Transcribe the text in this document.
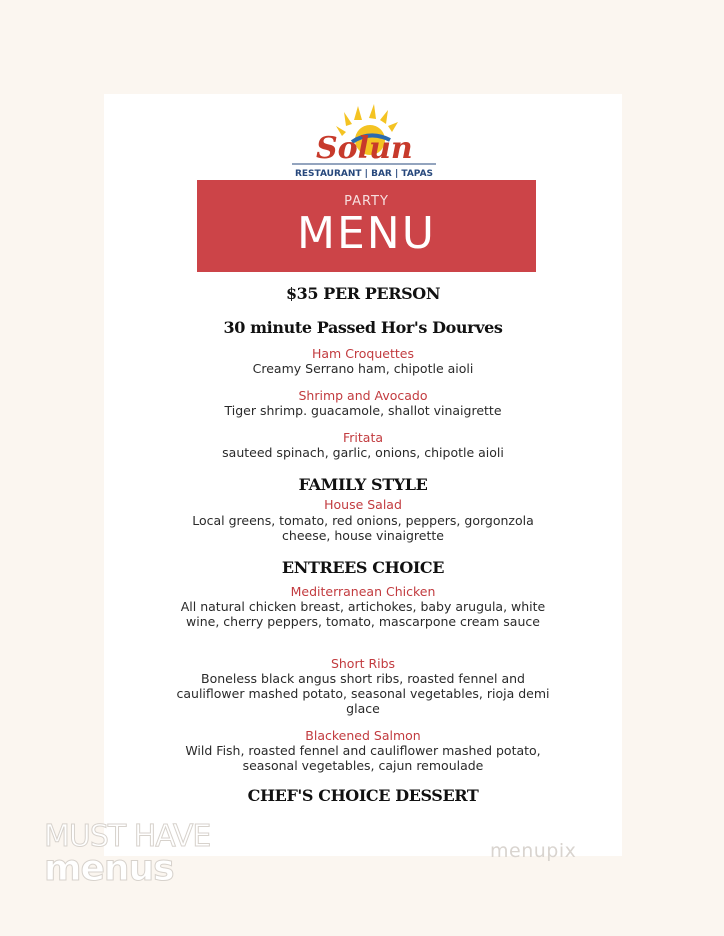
Solun
RESTAURANT | BAR | TAPAS
PARTY
MENU
$35 PER PERSON
30 minute Passed Hor's Dourves
Ham Croquettes
Creamy Serrano ham, chipotle aioli
Shrimp and Avocado
Tiger shrimp. guacamole, shallot vinaigrette
Fritata
sauteed spinach, garlic, onions, chipotle aioli
FAMILY STYLE
House Salad
Local greens, tomato, red onions, peppers, gorgonzola
cheese, house vinaigrette
ENTREES CHOICE
Mediterranean Chicken
All natural chicken breast, artichokes, baby arugula, white
wine, cherry peppers, tomato, mascarpone cream sauce
Short Ribs
Boneless black angus short ribs, roasted fennel and
cauliflower mashed potato, seasonal vegetables, rioja demi
glace
Blackened Salmon
Wild Fish, roasted fennel and cauliflower mashed potato,
seasonal vegetables, cajun remoulade
CHEF'S CHOICE DESSERT
MUST HAVE
menus	menupix
